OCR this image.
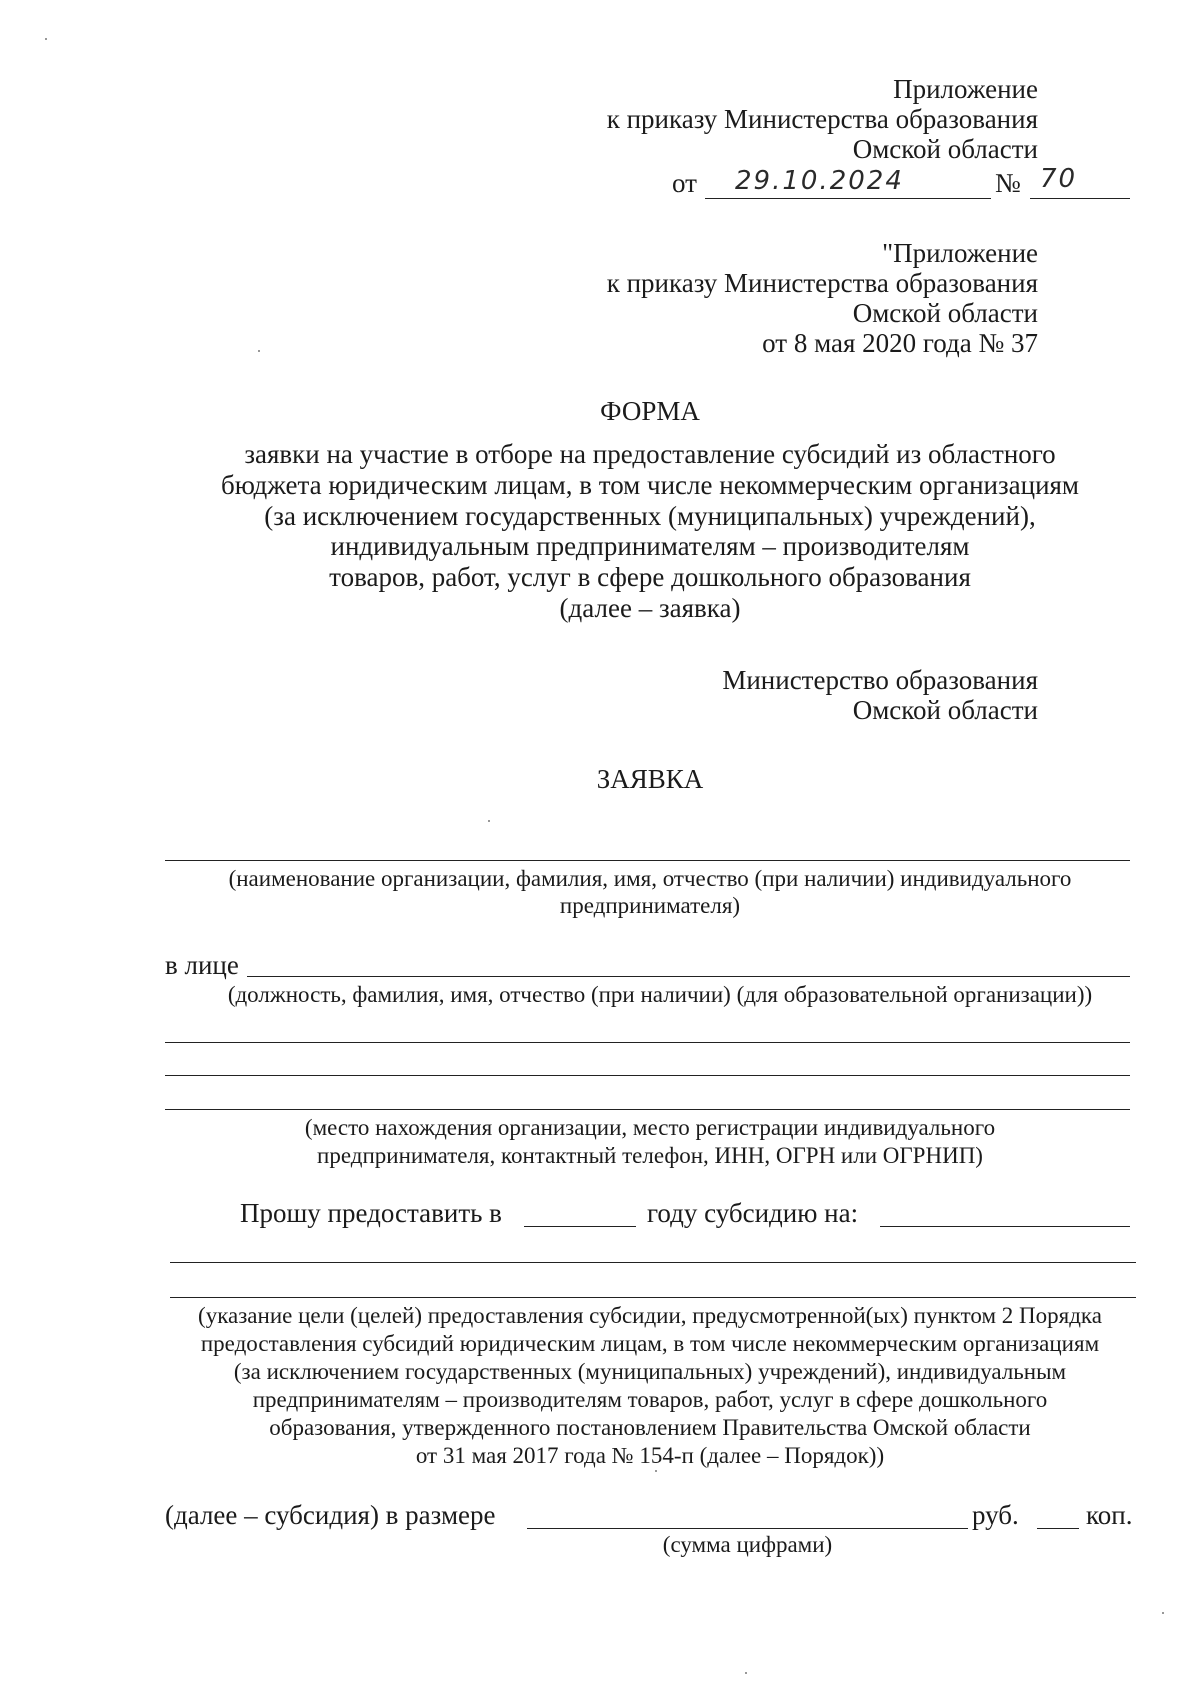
Приложение
к приказу Министерства образования
Омской области
от 29.10.2024	№ 70
"Приложение
к приказу Министерства образования
Омской области
от 8 мая 2020 года № 37
ФОРМА
заявки на участие в отборе на предоставление субсидий из областного
бюджета юридическим лицам, в том числе некоммерческим организациям
(за исключением государственных (муниципальных) учреждений),
индивидуальным предпринимателям – производителям
товаров, работ, услуг в сфере дошкольного образования
(далее – заявка)
Министерство образования
Омской области
ЗАЯВКА
(наименование организации, фамилия, имя, отчество (при наличии) индивидуального
предпринимателя)
в лице
(должность, фамилия, имя, отчество (при наличии) (для образовательной организации))
(место нахождения организации, место регистрации индивидуального
предпринимателя, контактный телефон, ИНН, ОГРН или ОГРНИП)
Прошу предоставить в	году субсидию на:
(указание цели (целей) предоставления субсидии, предусмотренной(ых) пунктом 2 Порядка
предоставления субсидий юридическим лицам, в том числе некоммерческим организациям
(за исключением государственных (муниципальных) учреждений), индивидуальным
предпринимателям – производителям товаров, работ, услуг в сфере дошкольного
образования, утвержденного постановлением Правительства Омской области
от 31 мая 2017 года № 154-п (далее – Порядок))
(далее – субсидия) в размере	руб. коп.
(сумма цифрами)
